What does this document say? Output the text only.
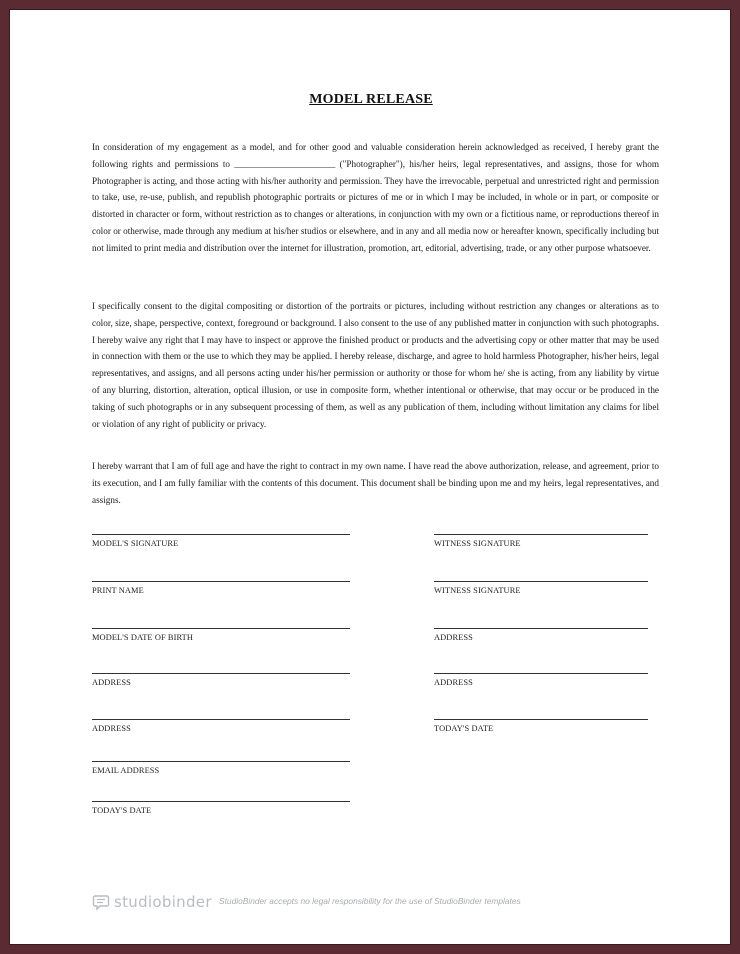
MODEL RELEASE

In consideration of my engagement as a model, and for other good and valuable consideration herein acknowledged as received, I hereby grant the following rights and permissions to ______________________ ("Photographer"), his/her heirs, legal representatives, and assigns, those for whom Photographer is acting, and those acting with his/her authority and permission. They have the irrevocable, perpetual and unrestricted right and permission to take, use, re-use, publish, and republish photographic portraits or pictures of me or in which I may be included, in whole or in part, or composite or distorted in character or form, without restriction as to changes or alterations, in conjunction with my own or a fictitious name, or reproductions thereof in color or otherwise, made through any medium at his/her studios or elsewhere, and in any and all media now or hereafter known, specifically including but not limited to print media and distribution over the internet for illustration, promotion, art, editorial, advertising, trade, or any other purpose whatsoever.

I specifically consent to the digital compositing or distortion of the portraits or pictures, including without restriction any changes or alterations as to color, size, shape, perspective, context, foreground or background. I also consent to the use of any published matter in conjunction with such photographs. I hereby waive any right that I may have to inspect or approve the finished product or products and the advertising copy or other matter that may be used in connection with them or the use to which they may be applied. I hereby release, discharge, and agree to hold harmless Photographer, his/her heirs, legal representatives, and assigns, and all persons acting under his/her permission or authority or those for whom he/ she is acting, from any liability by virtue of any blurring, distortion, alteration, optical illusion, or use in composite form, whether intentional or otherwise, that may occur or be produced in the taking of such photographs or in any subsequent processing of them, as well as any publication of them, including without limitation any claims for libel or violation of any right of publicity or privacy.

I hereby warrant that I am of full age and have the right to contract in my own name. I have read the above authorization, release, and agreement, prior to its execution, and I am fully familiar with the contents of this document. This document shall be binding upon me and my heirs, legal representatives, and assigns.

MODEL'S SIGNATURE
PRINT NAME
MODEL'S DATE OF BIRTH
ADDRESS
ADDRESS
EMAIL ADDRESS
TODAY'S DATE
WITNESS SIGNATURE
WITNESS SIGNATURE
ADDRESS
ADDRESS
TODAY'S DATE
studiobinder StudioBinder accepts no legal responsibility for the use of StudioBinder templates
